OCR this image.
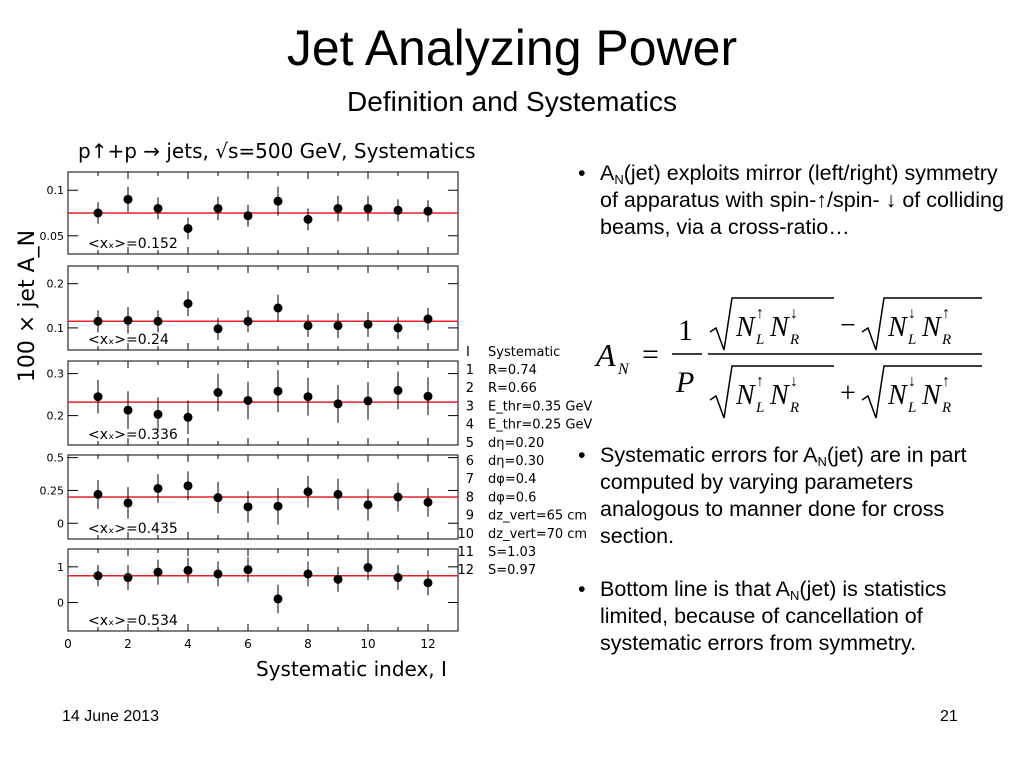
Jet Analyzing Power
Definition and Systematics
p↑+p → jets, √s=500 GeV, Systematics
100 × jet A_N 0.05
0.1
<xₓ>=0.152
0.1
0.2
<xₓ>=0.24
0.2
0.3
<xₓ>=0.336
0
0.25
0.5
<xₓ>=0.435
0
1
<xₓ>=0.534
0	2	4	6	8	10	12
Systematic index, I
I Systematic
1 R=0.74
2 R=0.66
3 E_thr=0.35 GeV
4 E_thr=0.25 GeV
5 dη=0.20
6 dη=0.30
7 dφ=0.4
8 dφ=0.6
9 dz_vert=65 cm
10 dz_vert=70 cm
11 S=1.03
12 S=0.97
• $A_N(jet)$ exploits mirror (left/right) symmetry of apparatus with spin-↑/spin- ↓ of colliding beams, via a cross-ratio…
• Systematic errors for $A_N(jet)$ are in part computed by varying parameters analogous to manner done for cross section.
• Bottom line is that $A_N(jet)$ is statistics limited, because of cancellation of systematic errors from symmetry.
A N =
1
P
N L
↑ N R
↓ − N L
↓ N R
↑
N L
↑ N R
↓ + N L
↓ N R
↑
14 June 2013	21
